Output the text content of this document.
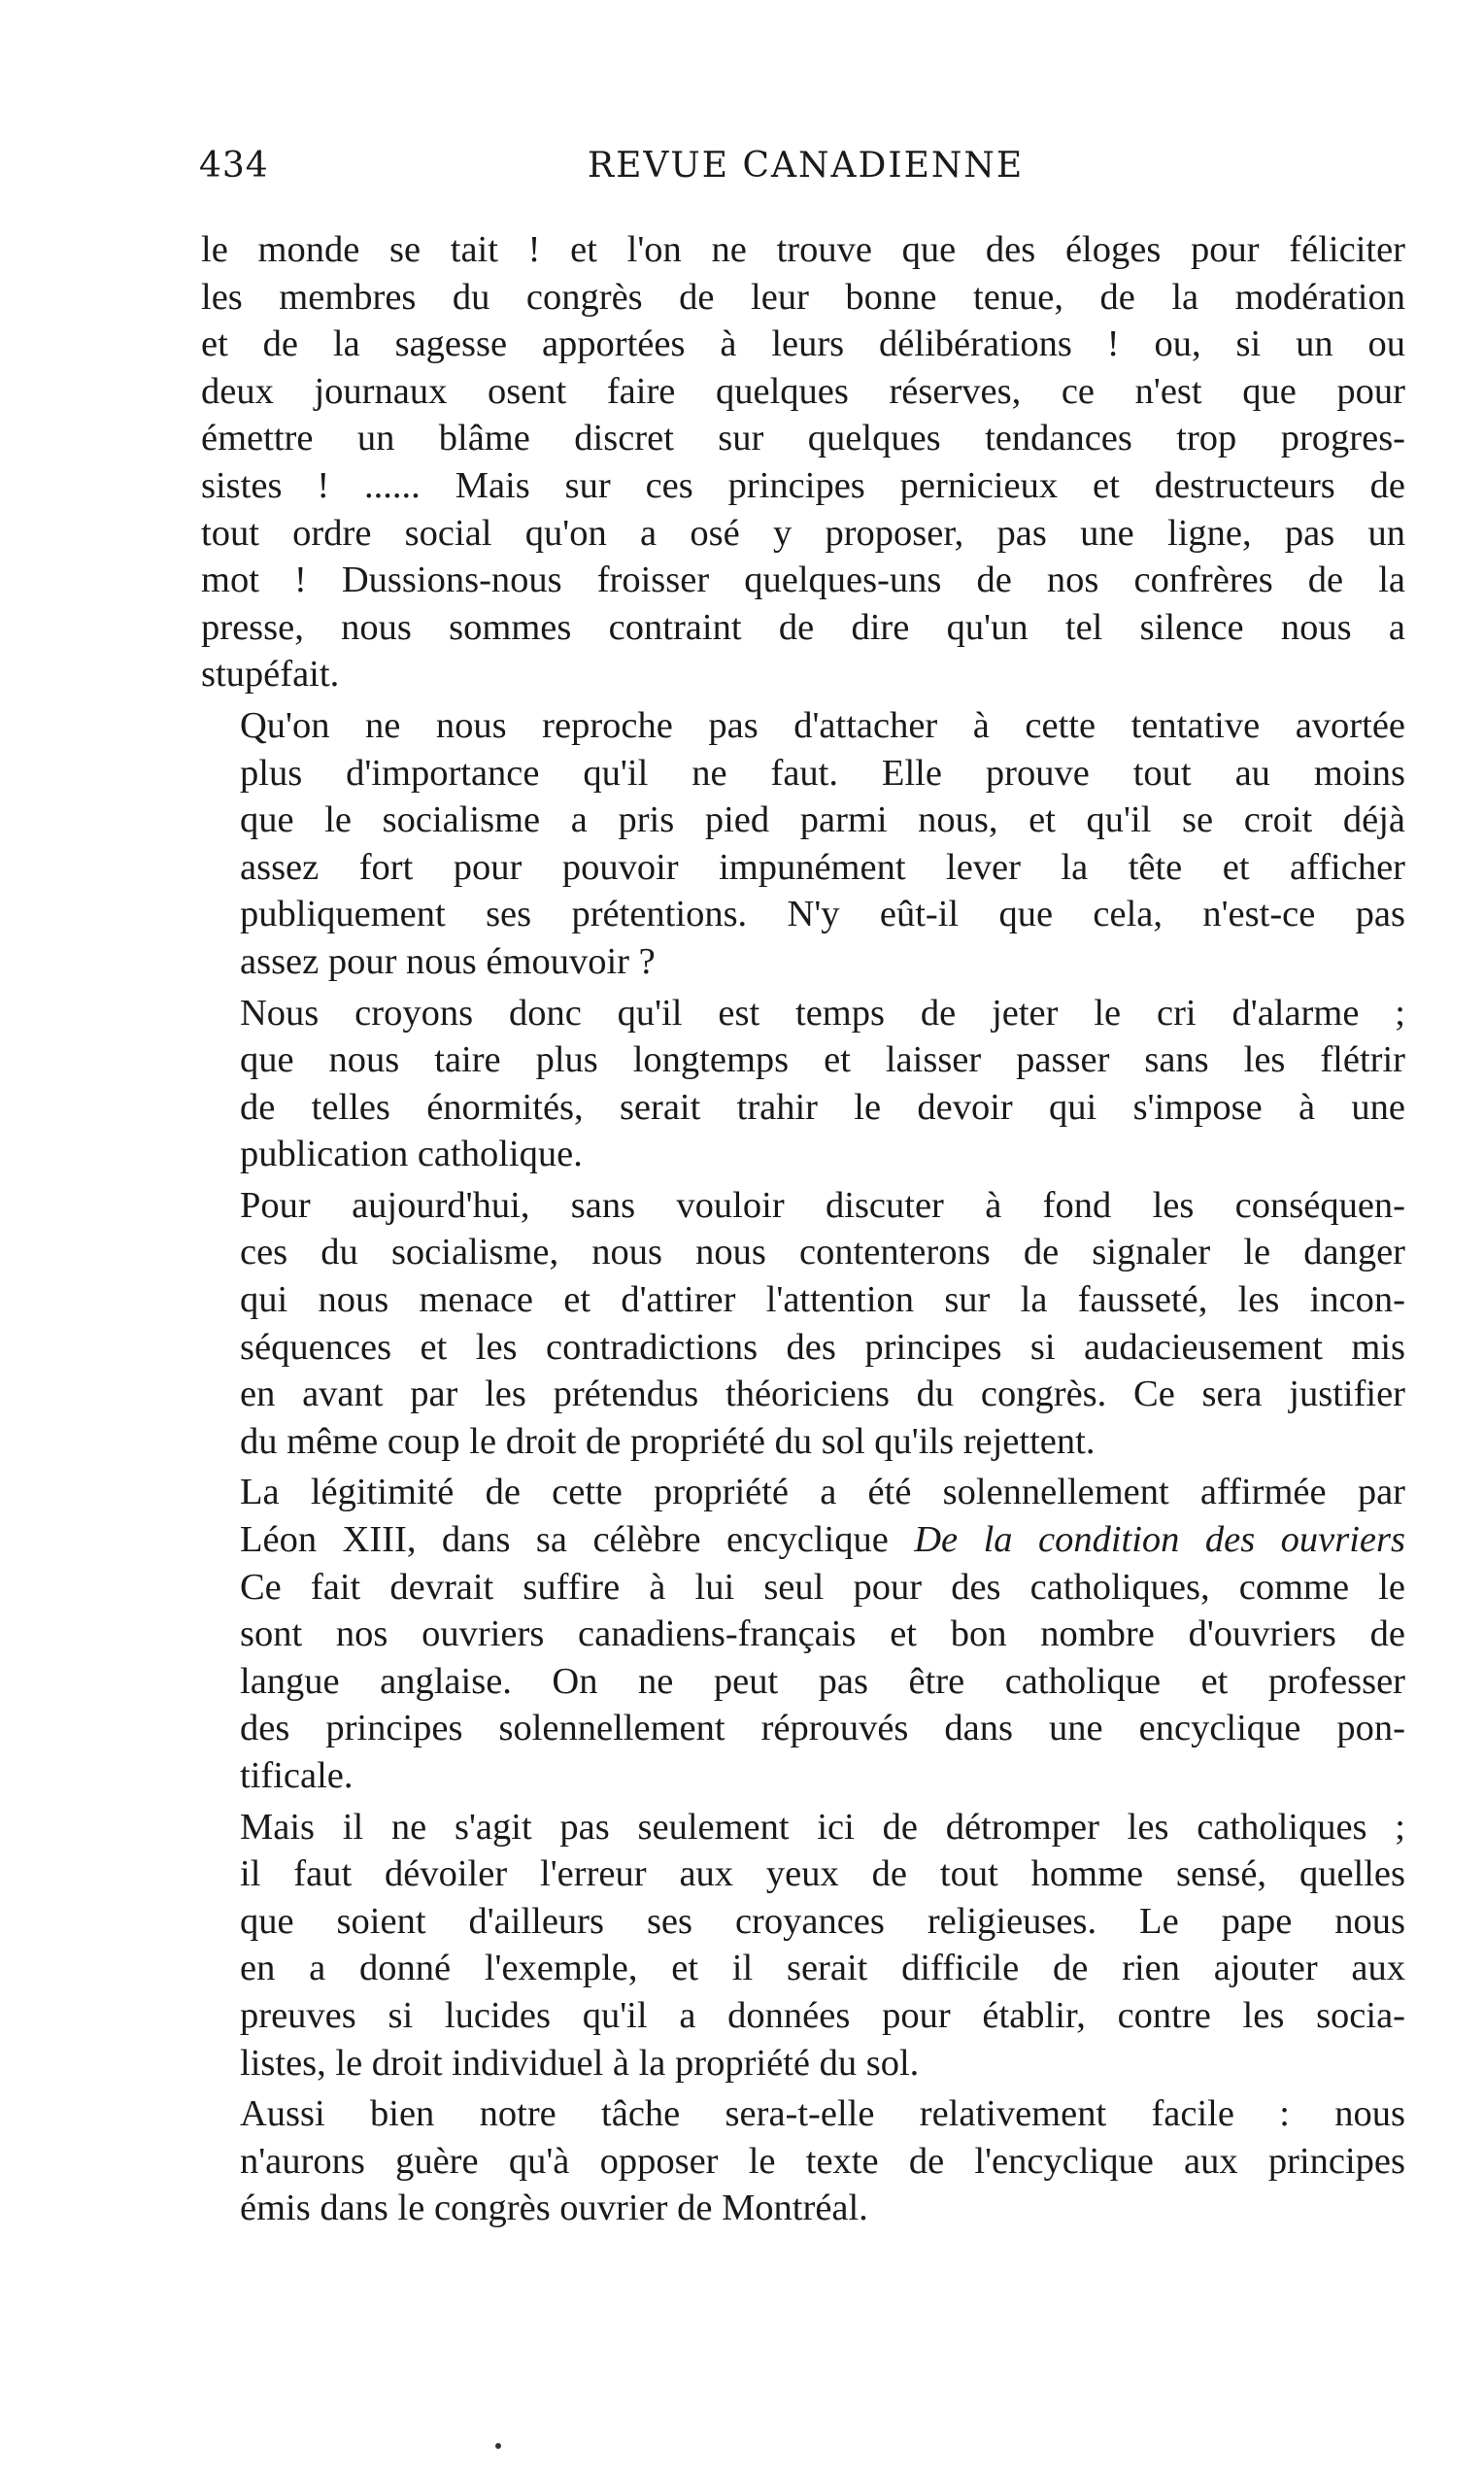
434	REVUE CANADIENNE

le monde se tait ! et l'on ne trouve que des éloges pour féliciter
les membres du congrès de leur bonne tenue, de la modération
et de la sagesse apportées à leurs délibérations ! ou, si un ou
deux journaux osent faire quelques réserves, ce n'est que pour
émettre un blâme discret sur quelques tendances trop progres-
sistes ! ...... Mais sur ces principes pernicieux et destructeurs de
tout ordre social qu'on a osé y proposer, pas une ligne, pas un
mot ! Dussions-nous froisser quelques-uns de nos confrères de la
presse, nous sommes contraint de dire qu'un tel silence nous a
stupéfait.

Qu'on ne nous reproche pas d'attacher à cette tentative avortée
plus d'importance qu'il ne faut. Elle prouve tout au moins
que le socialisme a pris pied parmi nous, et qu'il se croit déjà
assez fort pour pouvoir impunément lever la tête et afficher
publiquement ses prétentions. N'y eût-il que cela, n'est-ce pas
assez pour nous émouvoir ?

Nous croyons donc qu'il est temps de jeter le cri d'alarme ;
que nous taire plus longtemps et laisser passer sans les flétrir
de telles énormités, serait trahir le devoir qui s'impose à une
publication catholique.

Pour aujourd'hui, sans vouloir discuter à fond les conséquen-
ces du socialisme, nous nous contenterons de signaler le danger
qui nous menace et d'attirer l'attention sur la fausseté, les incon-
séquences et les contradictions des principes si audacieusement mis
en avant par les prétendus théoriciens du congrès. Ce sera justifier
du même coup le droit de propriété du sol qu'ils rejettent.

La légitimité de cette propriété a été solennellement affirmée par
Léon XIII, dans sa célèbre encyclique De la condition des ouvriers
Ce fait devrait suffire à lui seul pour des catholiques, comme le
sont nos ouvriers canadiens-français et bon nombre d'ouvriers de
langue anglaise. On ne peut pas être catholique et professer
des principes solennellement réprouvés dans une encyclique pon-
tificale.

Mais il ne s'agit pas seulement ici de détromper les catholiques ;
il faut dévoiler l'erreur aux yeux de tout homme sensé, quelles
que soient d'ailleurs ses croyances religieuses. Le pape nous
en a donné l'exemple, et il serait difficile de rien ajouter aux
preuves si lucides qu'il a données pour établir, contre les socia-
listes, le droit individuel à la propriété du sol.

Aussi bien notre tâche sera-t-elle relativement facile : nous
n'aurons guère qu'à opposer le texte de l'encyclique aux principes
émis dans le congrès ouvrier de Montréal.
